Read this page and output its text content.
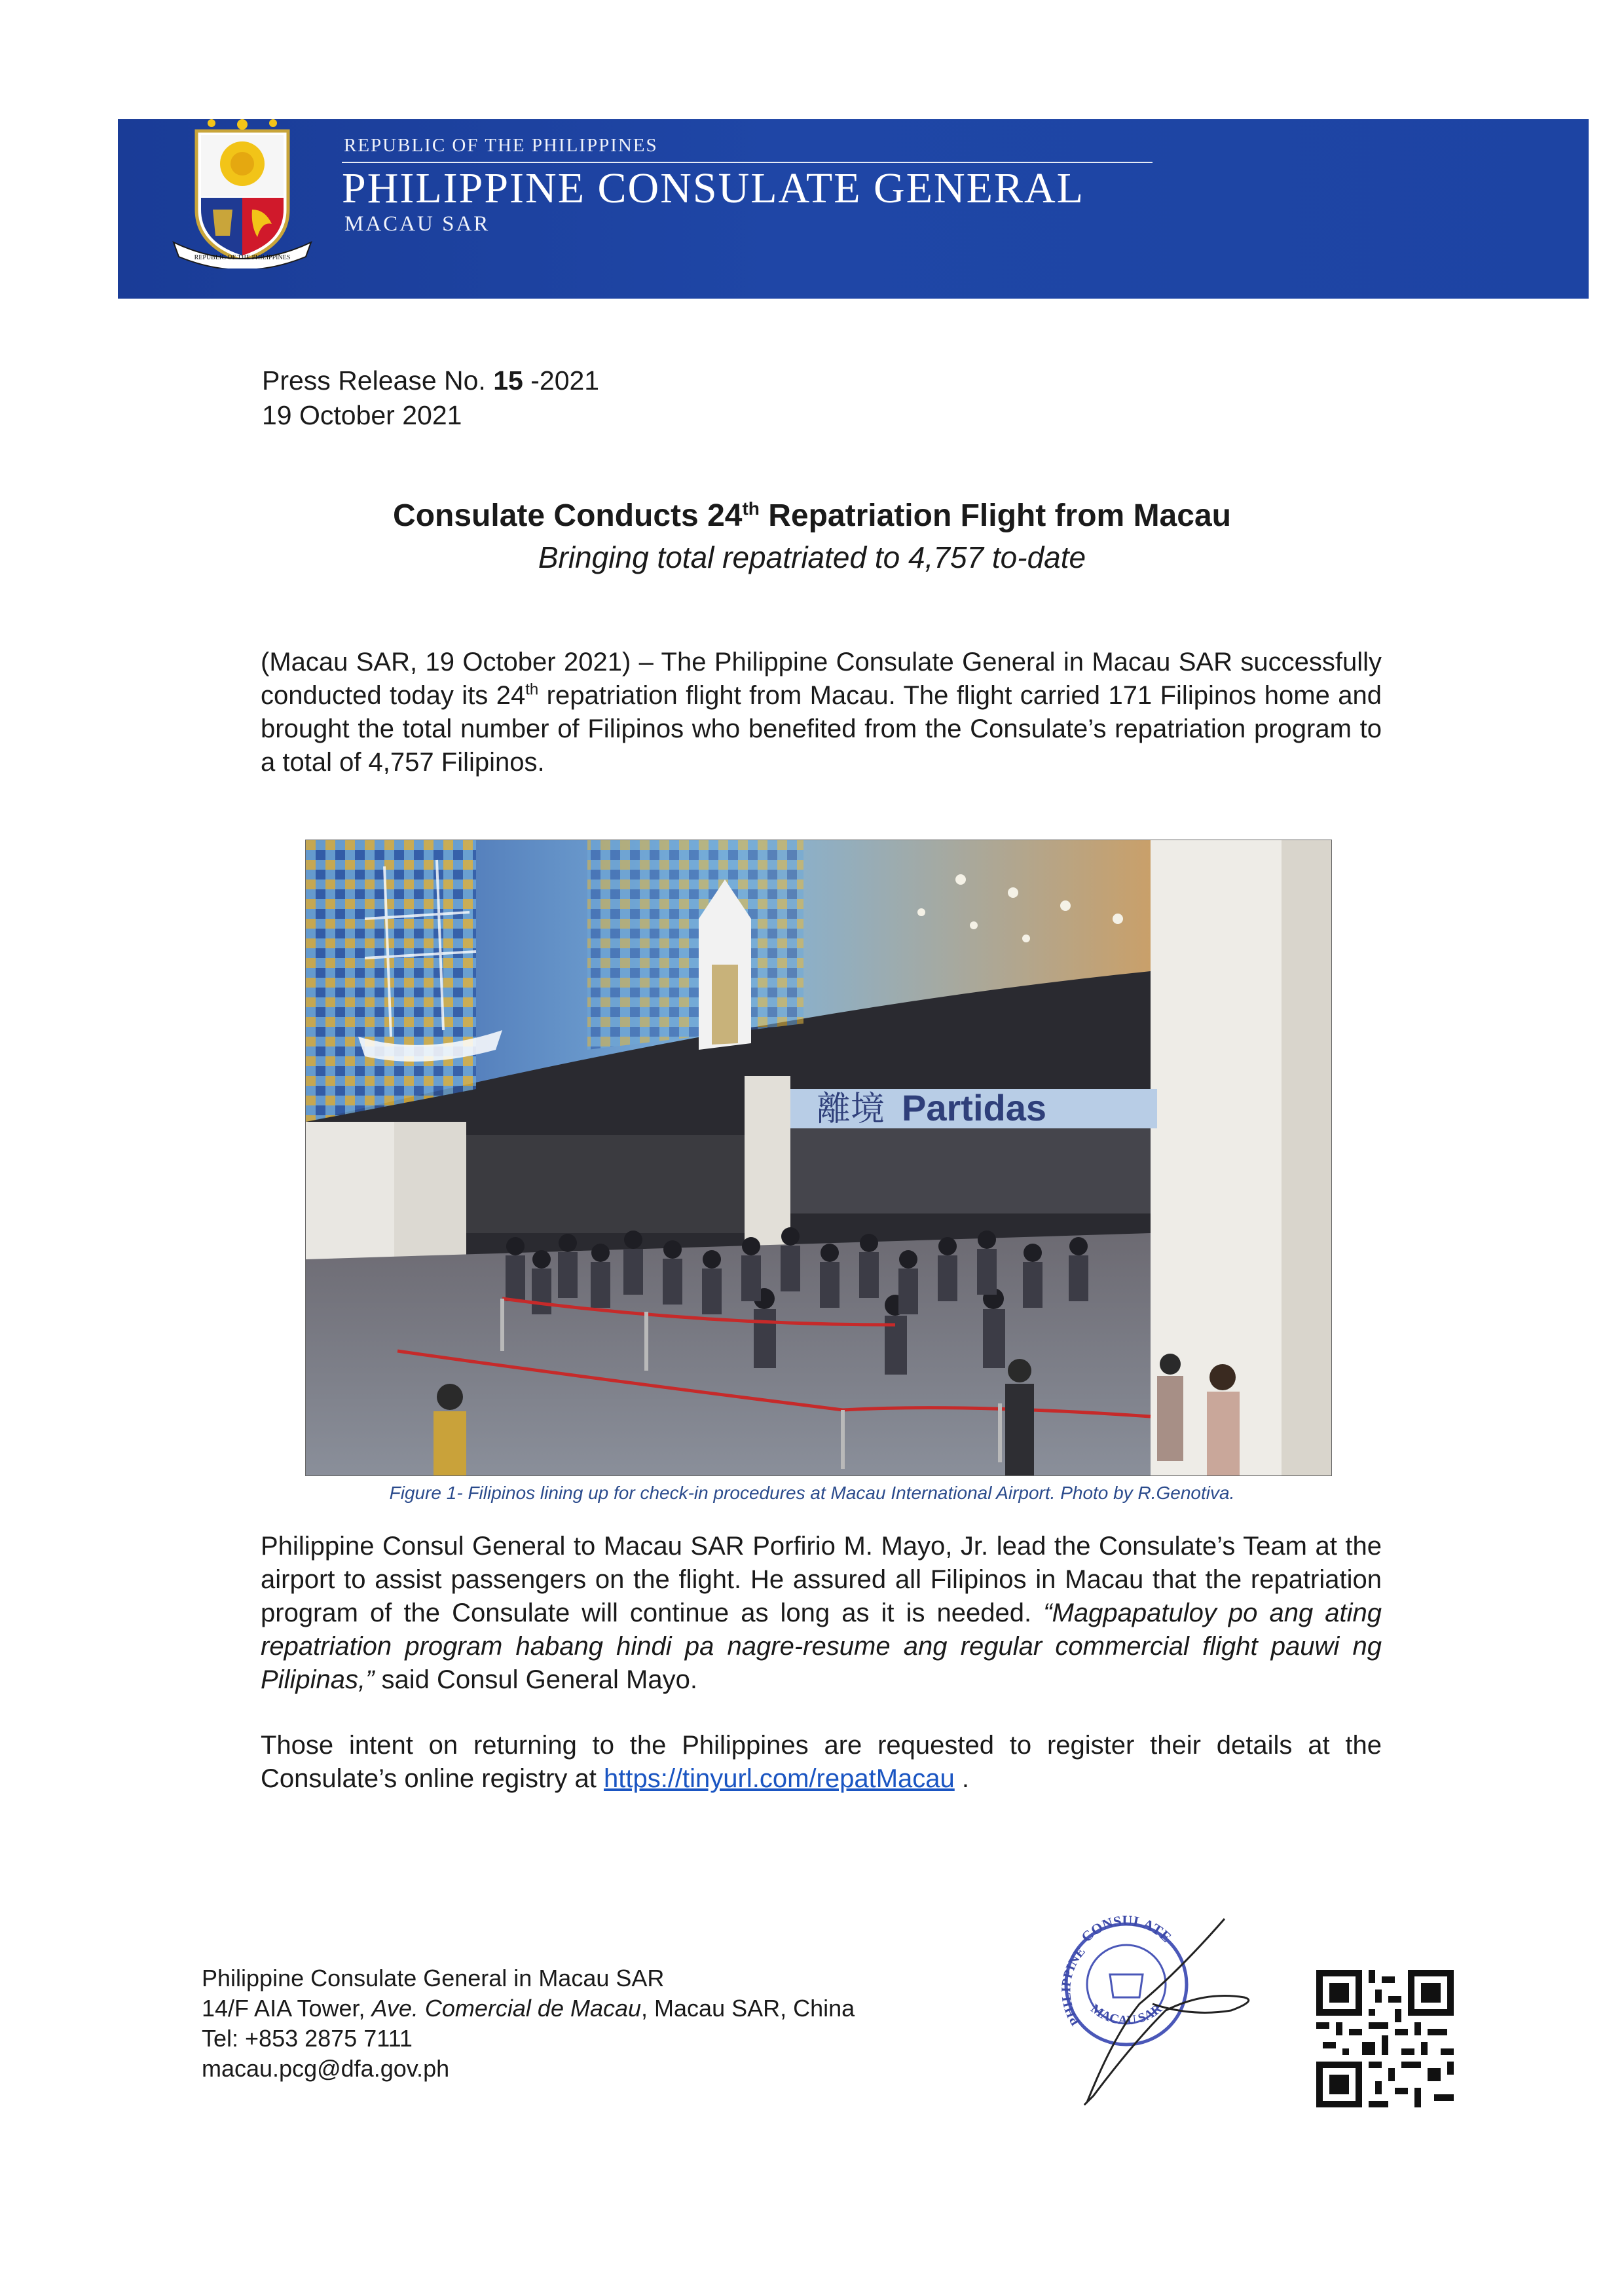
REPUBLIC OF THE PHILIPPINES
REPUBLIC OF THE PHILIPPINES
PHILIPPINE CONSULATE GENERAL
MACAU SAR
Press Release No. 15 -2021
19 October 2021
Consulate Conducts 24th Repatriation Flight from Macau
Bringing total repatriated to 4,757 to-date
(Macau SAR, 19 October 2021) – The Philippine Consulate General in Macau SAR successfully conducted today its 24th repatriation flight from Macau. The flight carried 171 Filipinos home and brought the total number of Filipinos who benefited from the Consulate’s repatriation program to a total of 4,757 Filipinos.
離境 Partidas
Figure 1- Filipinos lining up for check-in procedures at Macau International Airport. Photo by R.Genotiva.
Philippine Consul General to Macau SAR Porfirio M. Mayo, Jr. lead the Consulate’s Team at the airport to assist passengers on the flight. He assured all Filipinos in Macau that the repatriation program of the Consulate will continue as long as it is needed. “Magpapatuloy po ang ating repatriation program habang hindi pa nagre-resume ang regular commercial flight pauwi ng Pilipinas,” said Consul General Mayo.
Those intent on returning to the Philippines are requested to register their details at the Consulate’s online registry at https://tinyurl.com/repatMacau .
Philippine Consulate General in Macau SAR
14/F AIA Tower, Ave. Comercial de Macau, Macau SAR, China
Tel: +853 2875 7111
macau.pcg@dfa.gov.ph
CONSULATE
PHILIPPINE
MACAU SAR
